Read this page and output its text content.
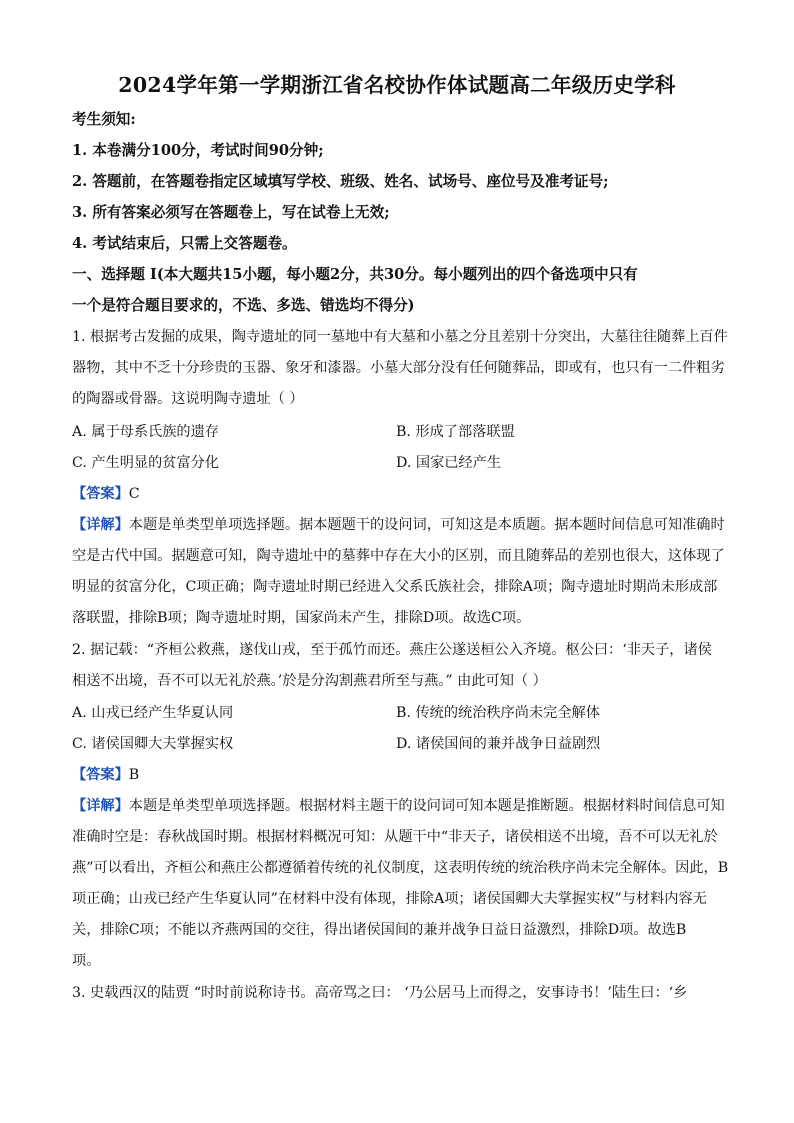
2024学年第一学期浙江省名校协作体试题高二年级历史学科
考生须知:
1. 本卷满分100分，考试时间90分钟;
2. 答题前，在答题卷指定区域填写学校、班级、姓名、试场号、座位号及准考证号;
3. 所有答案必须写在答题卷上，写在试卷上无效;
4. 考试结束后，只需上交答题卷。
一、选择题 Ⅰ(本大题共15小题，每小题2分，共30分。每小题列出的四个备选项中只有
一个是符合题目要求的，不选、多选、错选均不得分)
1. 根据考古发掘的成果，陶寺遗址的同一墓地中有大墓和小墓之分且差别十分突出，大墓往往随葬上百件
器物，其中不乏十分珍贵的玉器、象牙和漆器。小墓大部分没有任何随葬品，即或有，也只有一二件粗劣
的陶器或骨器。这说明陶寺遗址（ ）
A. 属于母系氏族的遗存	B. 形成了部落联盟
C. 产生明显的贫富分化	D. 国家已经产生
【答案】C
【详解】本题是单类型单项选择题。据本题题干的设问词，可知这是本质题。据本题时间信息可知准确时
空是古代中国。据题意可知，陶寺遗址中的墓葬中存在大小的区别，而且随葬品的差别也很大，这体现了
明显的贫富分化，C项正确；陶寺遗址时期已经进入父系氏族社会，排除A项；陶寺遗址时期尚未形成部
落联盟，排除B项；陶寺遗址时期，国家尚未产生，排除D项。故选C项。
2. 据记载：“齐桓公救燕，遂伐山戎，至于孤竹而还。燕庄公遂送桓公入齐境。枢公曰：‘非天子，诸侯
相送不出境，吾不可以无礼於燕。’於是分沟割燕君所至与燕。” 由此可知（ ）
A. 山戎已经产生华夏认同	B. 传统的统治秩序尚未完全解体
C. 诸侯国卿大夫掌握实权	D. 诸侯国间的兼并战争日益剧烈
【答案】B
【详解】本题是单类型单项选择题。根据材料主题干的设问词可知本题是推断题。根据材料时间信息可知
准确时空是：春秋战国时期。根据材料概况可知：从题干中“非天子，诸侯相送不出境，吾不可以无礼於
燕”可以看出，齐桓公和燕庄公都遵循着传统的礼仪制度，这表明传统的统治秩序尚未完全解体。因此，B
项正确；山戎已经产生华夏认同”在材料中没有体现，排除A项；诸侯国卿大夫掌握实权”与材料内容无
关，排除C项；不能以齐燕两国的交往，得出诸侯国间的兼并战争日益日益激烈，排除D项。故选B
项。
3. 史载西汉的陆贾 “时时前说称诗书。高帝骂之曰： ‘乃公居马上而得之，安事诗书！’陆生曰：‘乡
